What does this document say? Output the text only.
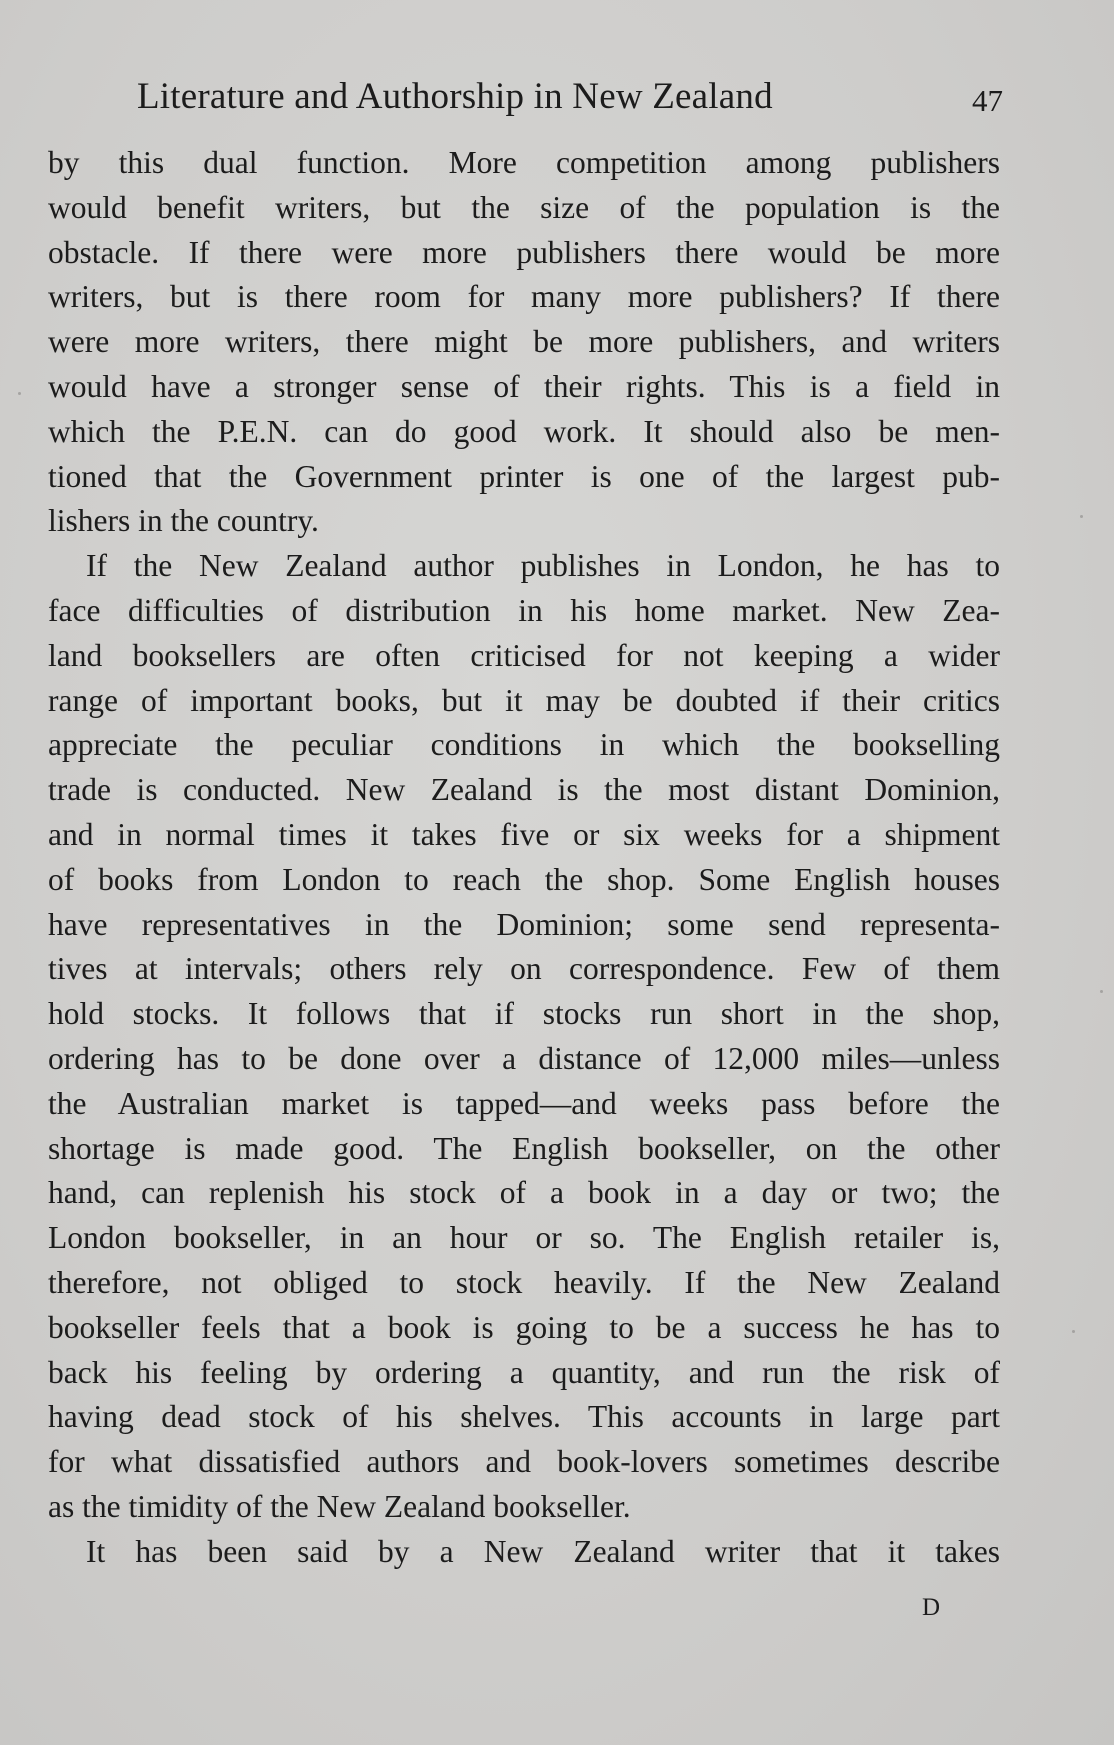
Literature and Authorship in New Zealand	47
by this dual function. More competition among publishers
would benefit writers, but the size of the population is the
obstacle. If there were more publishers there would be more
writers, but is there room for many more publishers? If there
were more writers, there might be more publishers, and writers
would have a stronger sense of their rights. This is a field in
which the P.E.N. can do good work. It should also be men-
tioned that the Government printer is one of the largest pub-
lishers in the country.
If the New Zealand author publishes in London, he has to
face difficulties of distribution in his home market. New Zea-
land booksellers are often criticised for not keeping a wider
range of important books, but it may be doubted if their critics
appreciate the peculiar conditions in which the bookselling
trade is conducted. New Zealand is the most distant Dominion,
and in normal times it takes five or six weeks for a shipment
of books from London to reach the shop. Some English houses
have representatives in the Dominion; some send representa-
tives at intervals; others rely on correspondence. Few of them
hold stocks. It follows that if stocks run short in the shop,
ordering has to be done over a distance of 12,000 miles—unless
the Australian market is tapped—and weeks pass before the
shortage is made good. The English bookseller, on the other
hand, can replenish his stock of a book in a day or two; the
London bookseller, in an hour or so. The English retailer is,
therefore, not obliged to stock heavily. If the New Zealand
bookseller feels that a book is going to be a success he has to
back his feeling by ordering a quantity, and run the risk of
having dead stock of his shelves. This accounts in large part
for what dissatisfied authors and book-lovers sometimes describe
as the timidity of the New Zealand bookseller.
It has been said by a New Zealand writer that it takes
D
